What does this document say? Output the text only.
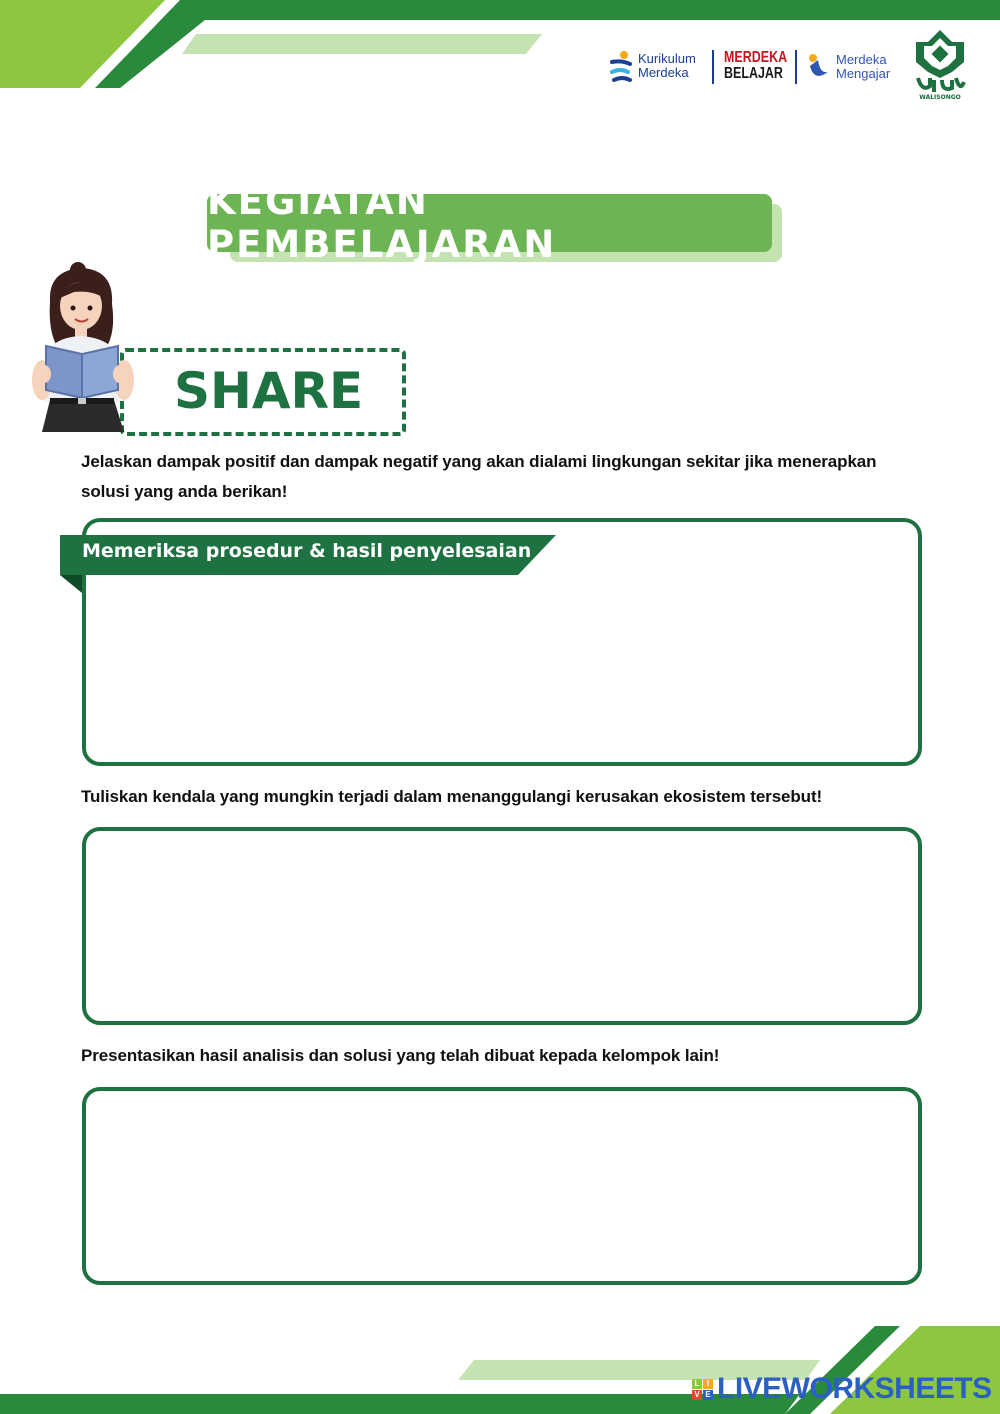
Kurikulum
Merdeka
MERDEKA
BELAJAR
Merdeka
Mengajar
WALISONGO
KEGIATAN PEMBELAJARAN
SHARE
Jelaskan dampak positif dan dampak negatif yang akan dialami lingkungan sekitar jika menerapkan solusi yang anda berikan!
Memeriksa prosedur & hasil penyelesaian
Tuliskan kendala yang mungkin terjadi dalam menanggulangi kerusakan ekosistem tersebut!
Presentasikan hasil analisis dan solusi yang telah dibuat kepada kelompok lain!
L I
V E LIVEWORKSHEETS
